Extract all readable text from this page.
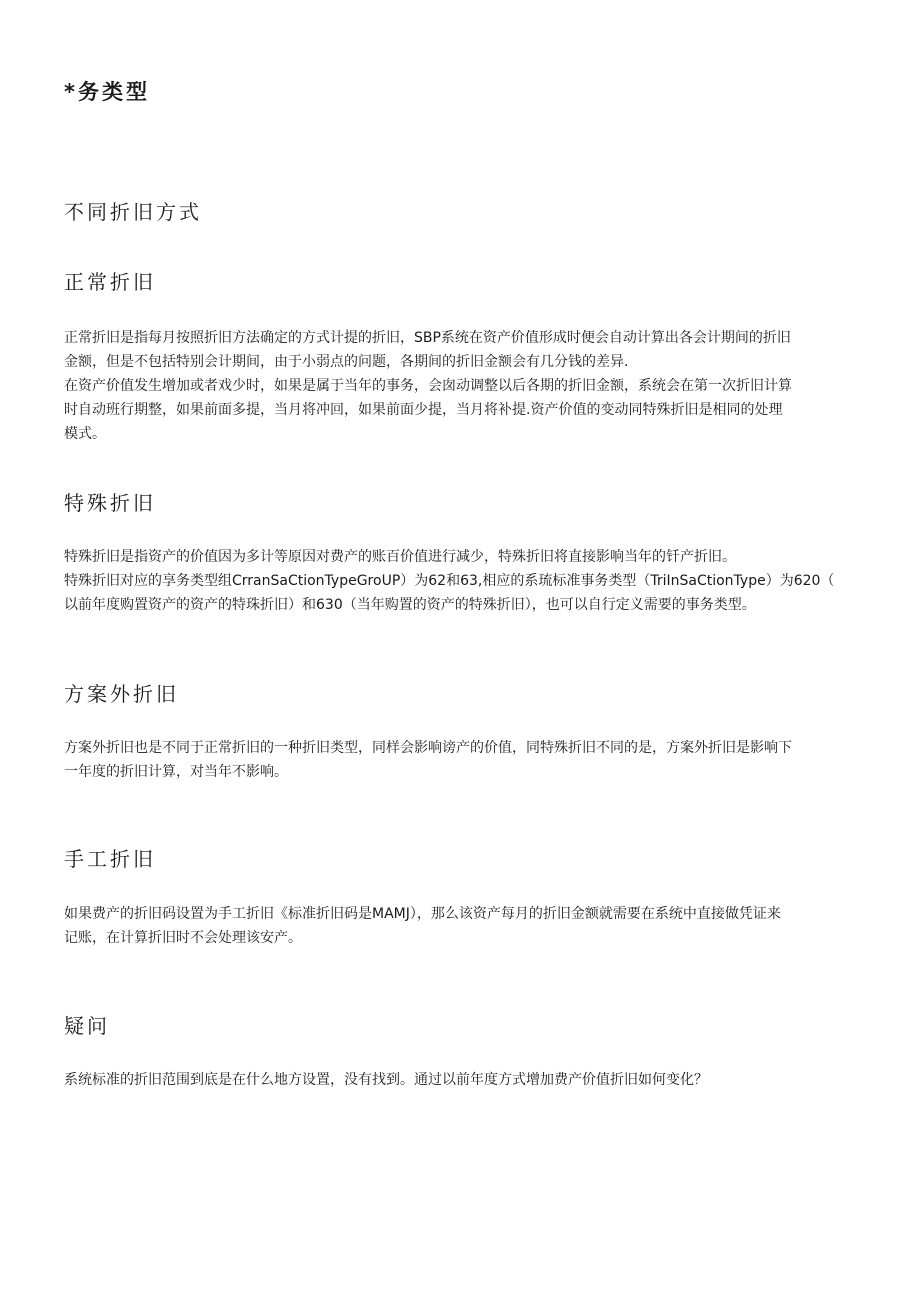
*务类型
不同折旧方式
正常折旧

正常折旧是指每月按照折旧方法确定的方式计提的折旧，SBP系统在资产价值形成时便会自动计算出各会计期间的折旧
金额，但是不包括特别会计期间，由于小弱点的问题，各期间的折旧金额会有几分钱的差异.
在资产价值发生增加或者戏少时，如果是属于当年的事务，会囱动调整以后各期的折旧金额，系统会在第一次折旧计算
时自动班行期整，如果前面多提，当月将冲回，如果前面少提，当月将补提.资产价值的变动同特殊折旧是相同的处理
模式。

特殊折旧

特殊折旧是指资产的价值因为多计等原因对费产的账百价值进行减少，特殊折旧将直接影响当年的钎产折旧。
特殊折旧对应的享务类型组CrranSaCtionTypeGroUP）为62和63,相应的系琉标准事务类型（TriInSaCtionType）为620（
以前年度购置资产的资产的特珠折旧）和630（当年购置的资产的特殊折旧），也可以自行定义需要的事务类型。

方案外折旧

方案外折旧也是不同于正常折旧的一种折旧类型，同样会影响谤产的价值，同特殊折旧不同的是，方案外折旧是影响下
一年度的折旧计算，对当年不影响。

手工折旧

如果费产的折旧码设置为手工折旧《标准折旧码是MAMJ），那么该资产每月的折旧金额就需要在系统中直接做凭证来
记账，在计算折旧时不会处理该安产。

疑问

系统标准的折旧范围到底是在什么地方设置，没有找到。通过以前年度方式增加费产价值折旧如何变化？
